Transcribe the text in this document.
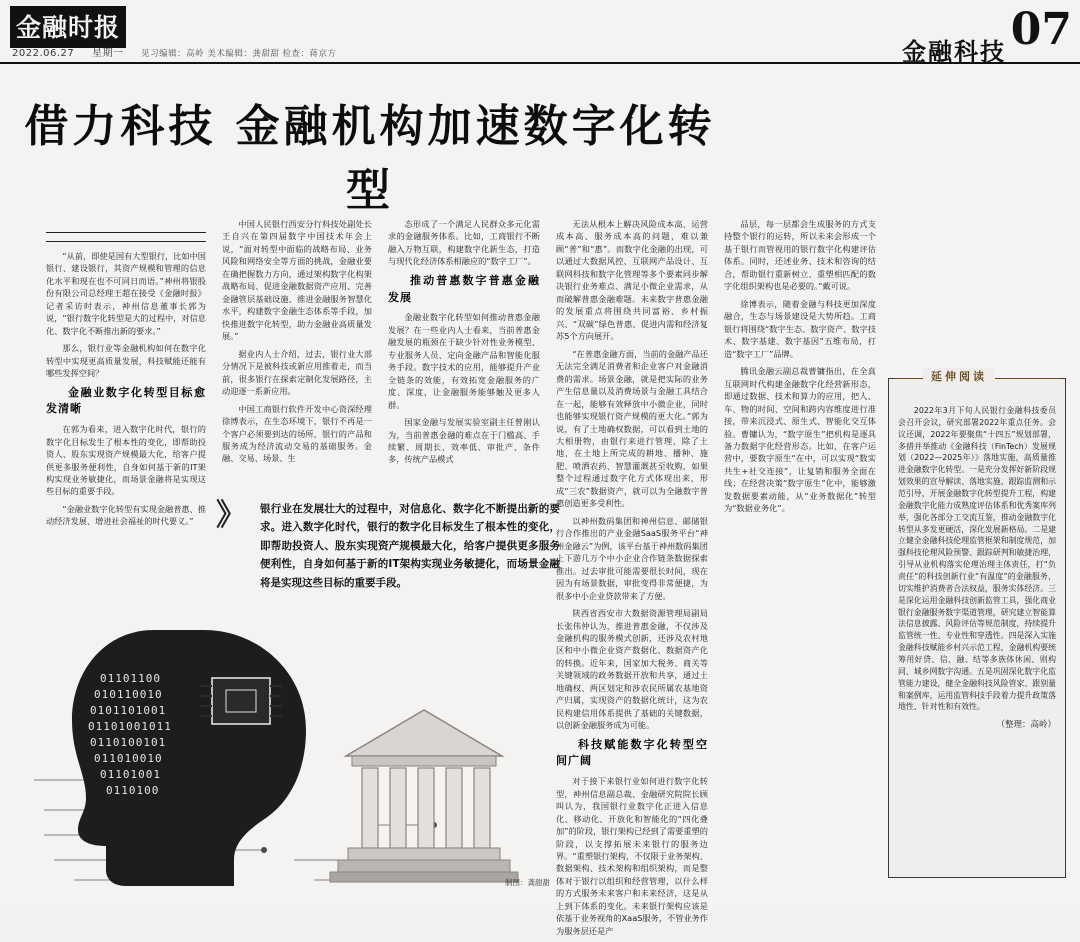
金融时报
2022.06.27 星期一 见习编辑：高岭 美术编辑：龚甜甜 检查：蒋京方	金融科技 07
借力科技 金融机构加速数字化转型

“从前，即使是国有大型银行，比如中国银行、建设银行，其资产规模和管理的信息化水平和现在也不可同日而语。”神州将银股份有限公司总经理王超在接受《金融时报》记者采访时表示，神州信息董事长郭为说，“银行数字化转型是大的过程中，对信息化、数字化不断推出新的要求。”

那么，银行业等金融机构如何在数字化转型中实现更高质量发展，科技赋能还能有哪些发挥空间？

金融业数字化转型目标愈发清晰

在郭为看来，进入数字化时代，银行的数字化目标发生了根本性的变化，即帮助投资人、股东实现资产规模最大化，给客户提供更多服务便利性，自身如何基于新的IT架构实现业务敏捷化，而场景金融将是实现这些目标的重要手段。

“金融业数字化转型有实现金融普惠、推动经济发展、增进社会福祉的时代要义。”

中国人民银行西安分行科技处副处长王自兴在第四届数字中国技术年会上说，“面对转型中面临的战略布局、业务风险和网络安全等方面的挑战，金融业要在确把握数力方向，通过架构数字化构架战略布局、促进金融数据资产应用、完善金融管层基础设施、推进金融服务智慧化水平，构建数字金融生态体系等手段，加快推进数字化转型，助力金融业高质量发展。”

据业内人士介绍，过去，银行业大部分情况下是被科技或新应用推着走，而当前，很多银行在探索定制化发展路径，主动迎逐一系新应用。

中国工商银行软件开发中心资深经理徐博表示，在生态环境下，银行不再是一个客户必须要到达的场所，银行的产品和服务成为经济流动交易的基础服务。金融、交易、场景、生

态形成了一个满足人民群众多元化需求的金融服务体系。比如，工商银行不断融入万物互联，构建数字化新生态，打造与现代化经济体系相融应的“数字工厂”。

推动普惠数字普惠金融发展

金融业数字化转型如何推动普惠金融发展？在一些业内人士看来，当前普惠金融发展的瓶颈在于缺少针对性业务模型、专业服务人员、定向金融产品和智能化服务手段。数字技术的应用，能够提升产业全链条的效能，有效拓宽金融服务的广度、深度，让金融服务能够触及更多人群。

国家金融与发展实验室副主任曾刚认为，当前普惠金融的难点在于门槛高、手续繁、周期长、效率低、审批产、条件多，传统产品模式

无法从根本上解决风险成本高、运营成本高、服务成本高的问题，难以兼顾“普”和“惠”。而数字化金融的出现，可以通过大数据风控、互联网产品设计、互联网科技和数字化管理等多个要素同步解决银行业务难点、满足小微企业需求，从而破解普惠金融难题。未来数字普惠金融的发展重点将围绕共同富裕、乡村振兴、“双碳”绿色普惠、促进内需和经济复苏5个方向展开。

“在普惠金融方面，当前的金融产品还无法完全满足消费者和企业客户对金融消费的需求。场景金融，就是把实际的业务产生信息量以及消费场景与金融工具结合在一起，能够有效释放中小微企业，同时也能够实现银行资产规模的更大化。”郭为说，有了土地确权数据，可以看到土地的大相册物，由银行来进行管理，除了土地，在土地上所完成的耕地、播种、施肥、喷洒农药、智慧灌溉甚至收购，如果整个过程通过数字化方式体现出来，形成“三农”数据资产，就可以为全融数字普惠创造更多受利性。

以神州数码集团和神州信息、邮储银行合作推出的产业金融SaaS服务平台“神州金融云”为例，该平台基于神州数码集团上下游几万个中小企业合作链条数据探索推出。过去审批可能需要很长时间，现在因为有场景数据，审批变得非常便捷，为很多中小企业贷款带来了方便。

陕西省西安市大数据资源管理局副局长张伟仲认为，推进普惠金融，不仅涉及金融机构的服务模式创新，还涉及农村地区和中小微企业资产数据化、数据资产化的转换。近年来，国家加大税务、商关等关键领域的政务数据开放和共享，通过土地确权、两区划定和涉农民所属农基地资产归属，实现资产的数据化统计，这为农民构建信用体系提供了基础的关键数据，以创新金融服务成为可能。

科技赋能数字化转型空间广阔

对于接下来银行业如何进行数字化转型，神州信息副总裁、金融研究院院长顾叫认为，我国银行业数字化正进入信息化、移动化、开放化和智能化的“四化叠加”的阶段，银行架构已经到了需要重塑的阶段，以支撑拓展未来银行的服务边界。“重塑银行架构，不仅限于业务架构、数据架构、技术架构和组织架构，而是整体对于银行以组织和经营管理，以什么样的方式服务未来客户和未来经济，这是从上到下体系的变化。未来银行架构应该是依基于业务视角的XaaS服务，不管业务作为服务层还是产

品层，每一层都会生成服务的方式支持整个银行的运转，所以未来会形成一个基于银行而管视用的银行数字化构建评估体系。同时，还述业务、技术和咨询的结合，帮助银行重新树立、重塑相匹配的数字化组织架构也是必要的。”戴可说。

徐博表示，随着金融与科技更加深度融合，生态与场景建设是大势所趋。工商银行将围绕“数字生态、数字资产、数字技术、数字基建、数字基因”五维布局，打造“数字工厂”品牌。

腾讯金融云副总裁曹镛指出，在全真互联网时代构建金融数字化经营新形态，即通过数据、技术和算力的应用，把人、车、物的时间、空间和跨内容维度进行准接，带来沉浸式、原生式、智能化交互体验。曹镛认为，“数字原生”把机构是逐具备力数据字化经营形态。比如，在客户运营中，要数字原生“在中，可以实现“数实共生+社交连接”，让复销和服务全面在线；在经营决策“数字原生”化中，能够激发数据要素动能，从“业务数据化”转型为“数据业务化”。

》 银行业在发展壮大的过程中，对信息化、数字化不断提出新的要求。进入数字化时代，银行的数字化目标发生了根本性的变化，即帮助投资人、股东实现资产规模最大化，给客户提供更多服务便利性，自身如何基于新的IT架构实现业务敏捷化，而场景金融将是实现这些目标的重要手段。
延伸阅读

2022年3月下旬人民银行金融科技委员会召开会议，研究部署2022年重点任务。会议还调，2022年要聚焦“十四五”规划部署，多措并举推动《金融科技（FinTech）发展规划（2022—2025年）》落地实施，高质量推进金融数字化转型。一是充分发挥好新阶段规划效果的宣导解读、落地实施、跟踪监测和示范引导，开展金融数字化转型提升工程，构建金融数字化能力成熟度评估体系和优秀案库列举，强化各部分工交流互鉴，推动金融数字化转型从多发更硬活，深化发展新格局。二是建立健全金融科技伦理监管框架和制度规范，加强科技伦理风险预警、跟踪研判和敏捷治理，引导从业机构落实伦理治理主体责任，打“负责任”的科技创新行业“有温度”的金融服务，切实维护消费者合法权益，服务实体经济。三是深化运用金融科技创新监管工具，强化商业银行金融服务数字渠道管理，研究建立智能算法信息披露、风险评估等规范制度，持续提升监管统一性、专业性和穿透性。四是深入实施金融科技赋能乡村兴示范工程，金融机构要统筹用好贷、信、融、结等多族体休闲、则构同、城乡网数字沟通。五是巩固深化数字化监管能力建设，健全金融科技风险管家、跟别量和案例库，运用监管科技手段着力提升政策落地性、针对性和有效性。

（整理：高岭）
01101100
010110010
0101101001
01101001011
0110100101
011010010
01101001
0110100
制图：龚甜甜
